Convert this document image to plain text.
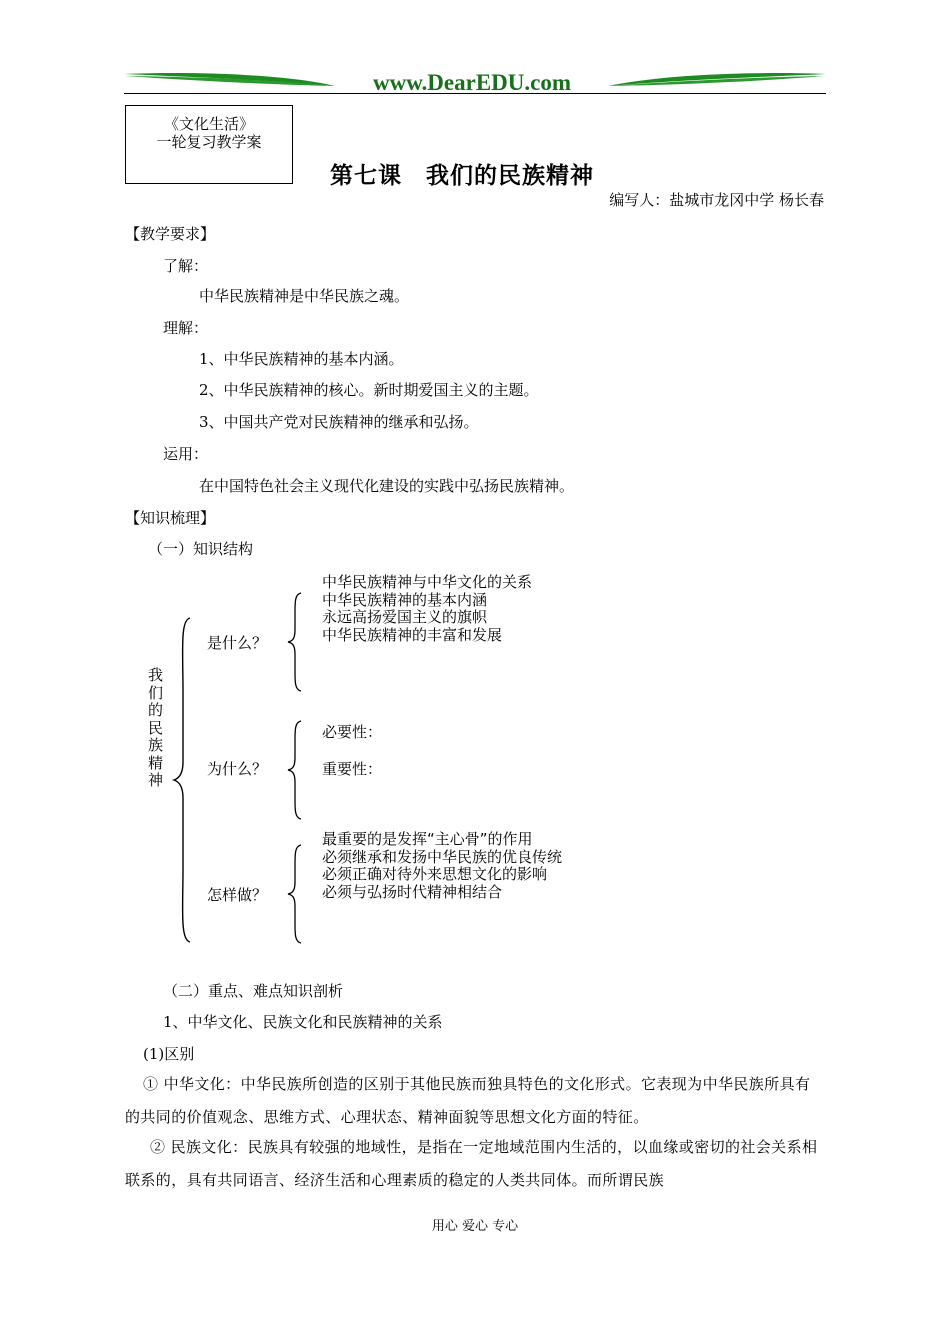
www.DearEDU.com
《文化生活》
一轮复习教学案
第七课　我们的民族精神
编写人：盐城市龙冈中学 杨长春
【教学要求】
了解：
中华民族精神是中华民族之魂。
理解：
1、中华民族精神的基本内涵。
2、中华民族精神的核心。新时期爱国主义的主题。
3、中国共产党对民族精神的继承和弘扬。
运用：
在中国特色社会主义现代化建设的实践中弘扬民族精神。
【知识梳理】
（一）知识结构
我
们
的
民
族
精
神
是什么？
中华民族精神与中华文化的关系
中华民族精神的基本内涵
永远高扬爱国主义的旗帜
中华民族精神的丰富和发展
为什么？
必要性：
重要性：
怎样做？
最重要的是发挥“主心骨”的作用
必须继承和发扬中华民族的优良传统
必须正确对待外来思想文化的影响
必须与弘扬时代精神相结合
（二）重点、难点知识剖析
1、中华文化、民族文化和民族精神的关系
(1)区别
① 中华文化：中华民族所创造的区别于其他民族而独具特色的文化形式。它表现为中华民族所具有的共同的价值观念、思维方式、心理状态、精神面貌等思想文化方面的特征。
② 民族文化：民族具有较强的地域性，是指在一定地域范围内生活的，以血缘或密切的社会关系相联系的，具有共同语言、经济生活和心理素质的稳定的人类共同体。而所谓民族
用心 爱心 专心
